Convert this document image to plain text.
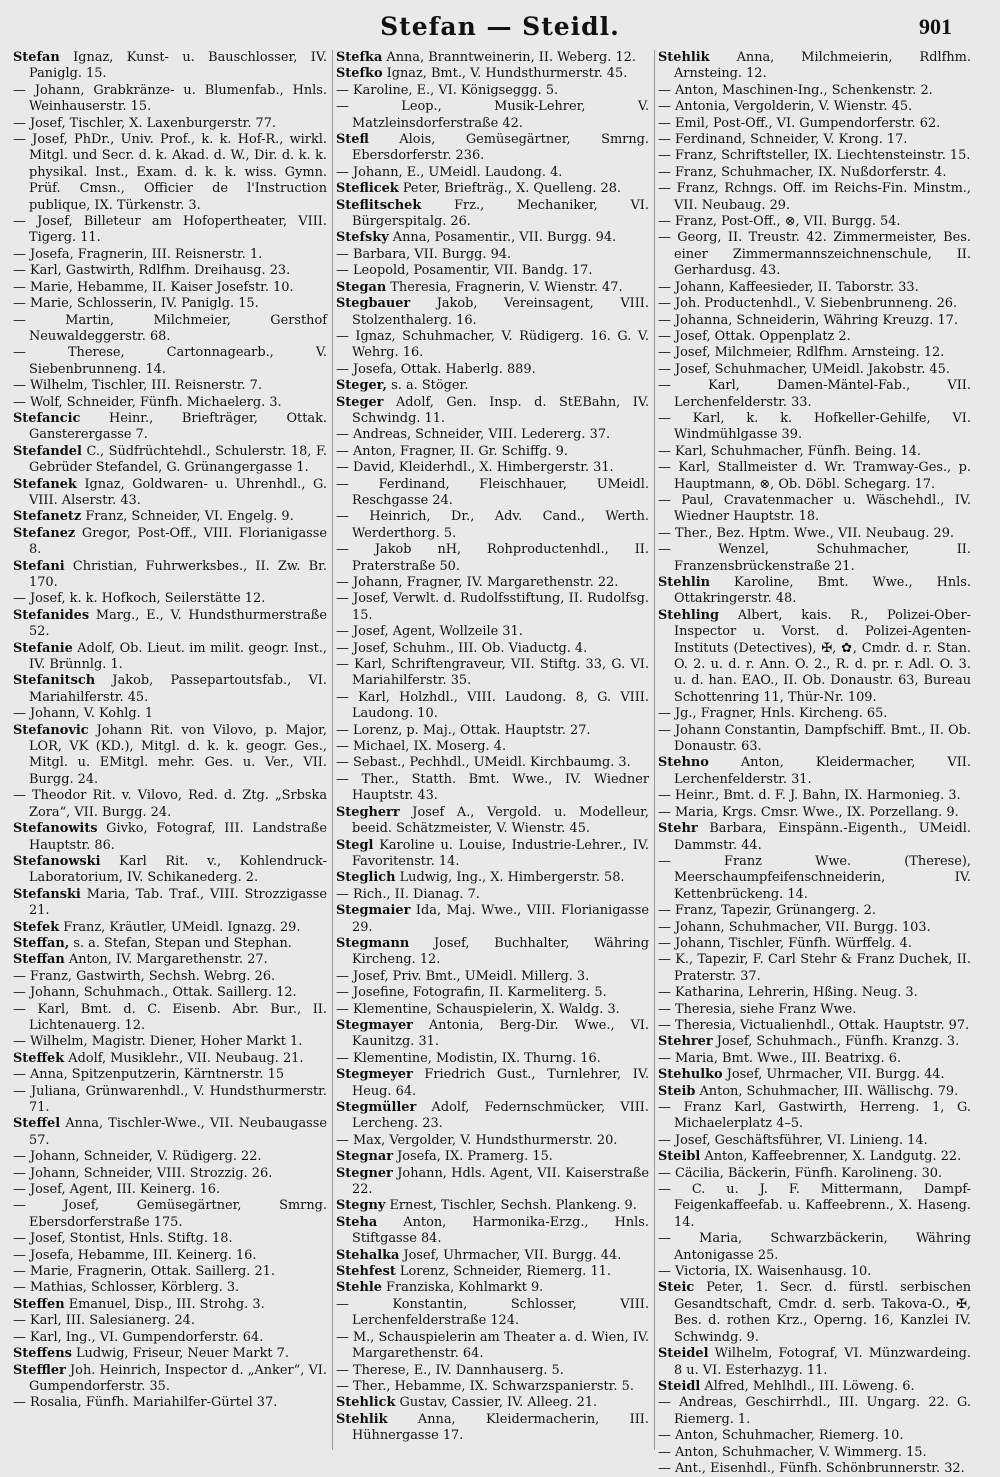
Stefan — Steidl.	901

Stefan Ignaz, Kunst- u. Bauschlosser, IV. Paniglg. 15.

— Johann, Grabkränze- u. Blumenfab., Hnls. Weinhauserstr. 15.

— Josef, Tischler, X. Laxenburgerstr. 77.

— Josef, PhDr., Univ. Prof., k. k. Hof-R., wirkl. Mitgl. und Secr. d. k. Akad. d. W., Dir. d. k. k. physikal. Inst., Exam. d. k. k. wiss. Gymn. Prüf. Cmsn., Officier de l'Instruction publique, IX. Türkenstr. 3.

— Josef, Billeteur am Hofopertheater, VIII. Tigerg. 11.

— Josefa, Fragnerin, III. Reisnerstr. 1.

— Karl, Gastwirth, Rdlfhm. Dreihausg. 23.

— Marie, Hebamme, II. Kaiser Josefstr. 10.

— Marie, Schlosserin, IV. Paniglg. 15.

— Martin, Milchmeier, Gersthof Neuwaldeggerstr. 68.

— Therese, Cartonnagearb., V. Siebenbrunneng. 14.

— Wilhelm, Tischler, III. Reisnerstr. 7.

— Wolf, Schneider, Fünfh. Michaelerg. 3.

Stefancic Heinr., Briefträger, Ottak. Gansterergasse 7.

Stefandel C., Südfrüchtehdl., Schulerstr. 18, F. Gebrüder Stefandel, G. Grünangergasse 1.

Stefanek Ignaz, Goldwaren- u. Uhrenhdl., G. VIII. Alserstr. 43.

Stefanetz Franz, Schneider, VI. Engelg. 9.

Stefanez Gregor, Post-Off., VIII. Florianigasse 8.

Stefani Christian, Fuhrwerksbes., II. Zw. Br. 170.

— Josef, k. k. Hofkoch, Seilerstätte 12.

Stefanides Marg., E., V. Hundsthurmerstraße 52.

Stefanie Adolf, Ob. Lieut. im milit. geogr. Inst., IV. Brünnlg. 1.

Stefanitsch Jakob, Passepartoutsfab., VI. Mariahilferstr. 45.

— Johann, V. Kohlg. 1

Stefanovic Johann Rit. von Vilovo, p. Major, LOR, VK (KD.), Mitgl. d. k. k. geogr. Ges., Mitgl. u. EMitgl. mehr. Ges. u. Ver., VII. Burgg. 24.

— Theodor Rit. v. Vilovo, Red. d. Ztg. „Srbska Zora“, VII. Burgg. 24.

Stefanowits Givko, Fotograf, III. Landstraße Hauptstr. 86.

Stefanowski Karl Rit. v., Kohlendruck-Laboratorium, IV. Schikanederg. 2.

Stefanski Maria, Tab. Traf., VIII. Strozzigasse 21.

Stefek Franz, Kräutler, UMeidl. Ignazg. 29.

Steffan, s. a. Stefan, Stepan und Stephan.

Steffan Anton, IV. Margarethenstr. 27.

— Franz, Gastwirth, Sechsh. Webrg. 26.

— Johann, Schuhmach., Ottak. Saillerg. 12.

— Karl, Bmt. d. C. Eisenb. Abr. Bur., II. Lichtenauerg. 12.

— Wilhelm, Magistr. Diener, Hoher Markt 1.

Steffek Adolf, Musiklehr., VII. Neubaug. 21.

— Anna, Spitzenputzerin, Kärntnerstr. 15

— Juliana, Grünwarenhdl., V. Hundsthurmerstr. 71.

Steffel Anna, Tischler-Wwe., VII. Neubaugasse 57.

— Johann, Schneider, V. Rüdigerg. 22.

— Johann, Schneider, VIII. Strozzig. 26.

— Josef, Agent, III. Keinerg. 16.

— Josef, Gemüsegärtner, Smrng. Ebersdorferstraße 175.

— Josef, Stontist, Hnls. Stiftg. 18.

— Josefa, Hebamme, III. Keinerg. 16.

— Marie, Fragnerin, Ottak. Saillerg. 21.

— Mathias, Schlosser, Körblerg. 3.

Steffen Emanuel, Disp., III. Strohg. 3.

— Karl, III. Salesianerg. 24.

— Karl, Ing., VI. Gumpendorferstr. 64.

Steffens Ludwig, Friseur, Neuer Markt 7.

Steffler Joh. Heinrich, Inspector d. „Anker“, VI. Gumpendorferstr. 35.

— Rosalia, Fünfh. Mariahilfer-Gürtel 37.

Stefka Anna, Branntweinerin, II. Weberg. 12.

Stefko Ignaz, Bmt., V. Hundsthurmerstr. 45.

— Karoline, E., VI. Königseggg. 5.

— Leop., Musik-Lehrer, V. Matzleinsdorferstraße 42.

Stefl Alois, Gemüsegärtner, Smrng. Ebersdorferstr. 236.

— Johann, E., UMeidl. Laudong. 4.

Steflicek Peter, Briefträg., X. Quelleng. 28.

Steflitschek Frz., Mechaniker, VI. Bürgerspitalg. 26.

Stefsky Anna, Posamentir., VII. Burgg. 94.

— Barbara, VII. Burgg. 94.

— Leopold, Posamentir, VII. Bandg. 17.

Stegan Theresia, Fragnerin, V. Wienstr. 47.

Stegbauer Jakob, Vereinsagent, VIII. Stolzenthalerg. 16.

— Ignaz, Schuhmacher, V. Rüdigerg. 16. G. V. Wehrg. 16.

— Josefa, Ottak. Haberlg. 889.

Steger, s. a. Stöger.

Steger Adolf, Gen. Insp. d. StEBahn, IV. Schwindg. 11.

— Andreas, Schneider, VIII. Ledererg. 37.

— Anton, Fragner, II. Gr. Schiffg. 9.

— David, Kleiderhdl., X. Himbergerstr. 31.

— Ferdinand, Fleischhauer, UMeidl. Reschgasse 24.

— Heinrich, Dr., Adv. Cand., Werth. Werderthorg. 5.

— Jakob nH, Rohproductenhdl., II. Praterstraße 50.

— Johann, Fragner, IV. Margarethenstr. 22.

— Josef, Verwlt. d. Rudolfsstiftung, II. Rudolfsg. 15.

— Josef, Agent, Wollzeile 31.

— Josef, Schuhm., III. Ob. Viaductg. 4.

— Karl, Schriftengraveur, VII. Stiftg. 33, G. VI. Mariahilferstr. 35.

— Karl, Holzhdl., VIII. Laudong. 8, G. VIII. Laudong. 10.

— Lorenz, p. Maj., Ottak. Hauptstr. 27.

— Michael, IX. Moserg. 4.

— Sebast., Pechhdl., UMeidl. Kirchbaumg. 3.

— Ther., Statth. Bmt. Wwe., IV. Wiedner Hauptstr. 43.

Stegherr Josef A., Vergold. u. Modelleur, beeid. Schätzmeister, V. Wienstr. 45.

Stegl Karoline u. Louise, Industrie-Lehrer., IV. Favoritenstr. 14.

Steglich Ludwig, Ing., X. Himbergerstr. 58.

— Rich., II. Dianag. 7.

Stegmaier Ida, Maj. Wwe., VIII. Florianigasse 29.

Stegmann Josef, Buchhalter, Währing Kircheng. 12.

— Josef, Priv. Bmt., UMeidl. Millerg. 3.

— Josefine, Fotografin, II. Karmeliterg. 5.

— Klementine, Schauspielerin, X. Waldg. 3.

Stegmayer Antonia, Berg-Dir. Wwe., VI. Kaunitzg. 31.

— Klementine, Modistin, IX. Thurng. 16.

Stegmeyer Friedrich Gust., Turnlehrer, IV. Heug. 64.

Stegmüller Adolf, Federnschmücker, VIII. Lercheng. 23.

— Max, Vergolder, V. Hundsthurmerstr. 20.

Stegnar Josefa, IX. Pramerg. 15.

Stegner Johann, Hdls. Agent, VII. Kaiserstraße 22.

Stegny Ernest, Tischler, Sechsh. Plankeng. 9.

Steha Anton, Harmonika-Erzg., Hnls. Stiftgasse 84.

Stehalka Josef, Uhrmacher, VII. Burgg. 44.

Stehfest Lorenz, Schneider, Riemerg. 11.

Stehle Franziska, Kohlmarkt 9.

— Konstantin, Schlosser, VIII. Lerchenfelderstraße 124.

— M., Schauspielerin am Theater a. d. Wien, IV. Margarethenstr. 64.

— Therese, E., IV. Dannhauserg. 5.

— Ther., Hebamme, IX. Schwarzspanierstr. 5.

Stehlick Gustav, Cassier, IV. Alleeg. 21.

Stehlik Anna, Kleidermacherin, III. Hühnergasse 17.

Stehlik Anna, Milchmeierin, Rdlfhm. Arnsteing. 12.

— Anton, Maschinen-Ing., Schenkenstr. 2.

— Antonia, Vergolderin, V. Wienstr. 45.

— Emil, Post-Off., VI. Gumpendorferstr. 62.

— Ferdinand, Schneider, V. Krong. 17.

— Franz, Schriftsteller, IX. Liechtensteinstr. 15.

— Franz, Schuhmacher, IX. Nußdorferstr. 4.

— Franz, Rchngs. Off. im Reichs-Fin. Minstm., VII. Neubaug. 29.

— Franz, Post-Off., ⊗, VII. Burgg. 54.

— Georg, II. Treustr. 42. Zimmermeister, Bes. einer Zimmermannszeichnenschule, II. Gerhardusg. 43.

— Johann, Kaffeesieder, II. Taborstr. 33.

— Joh. Productenhdl., V. Siebenbrunneng. 26.

— Johanna, Schneiderin, Währing Kreuzg. 17.

— Josef, Ottak. Oppenplatz 2.

— Josef, Milchmeier, Rdlfhm. Arnsteing. 12.

— Josef, Schuhmacher, UMeidl. Jakobstr. 45.

— Karl, Damen-Mäntel-Fab., VII. Lerchenfelderstr. 33.

— Karl, k. k. Hofkeller-Gehilfe, VI. Windmühlgasse 39.

— Karl, Schuhmacher, Fünfh. Being. 14.

— Karl, Stallmeister d. Wr. Tramway-Ges., p. Hauptmann, ⊗, Ob. Döbl. Schegarg. 17.

— Paul, Cravatenmacher u. Wäschehdl., IV. Wiedner Hauptstr. 18.

— Ther., Bez. Hptm. Wwe., VII. Neubaug. 29.

— Wenzel, Schuhmacher, II. Franzensbrückenstraße 21.

Stehlin Karoline, Bmt. Wwe., Hnls. Ottakringerstr. 48.

Stehling Albert, kais. R., Polizei-Ober-Inspector u. Vorst. d. Polizei-Agenten-Instituts (Detectives), ✠, ✿, Cmdr. d. r. Stan. O. 2. u. d. r. Ann. O. 2., R. d. pr. r. Adl. O. 3. u. d. han. EAO., II. Ob. Donaustr. 63, Bureau Schottenring 11, Thür-Nr. 109.

— Jg., Fragner, Hnls. Kircheng. 65.

— Johann Constantin, Dampfschiff. Bmt., II. Ob. Donaustr. 63.

Stehno Anton, Kleidermacher, VII. Lerchenfelderstr. 31.

— Heinr., Bmt. d. F. J. Bahn, IX. Harmonieg. 3.

— Maria, Krgs. Cmsr. Wwe., IX. Porzellang. 9.

Stehr Barbara, Einspänn.-Eigenth., UMeidl. Dammstr. 44.

— Franz Wwe. (Therese), Meerschaumpfeifenschneiderin, IV. Kettenbrückeng. 14.

— Franz, Tapezir, Grünangerg. 2.

— Johann, Schuhmacher, VII. Burgg. 103.

— Johann, Tischler, Fünfh. Würffelg. 4.

— K., Tapezir, F. Carl Stehr & Franz Duchek, II. Praterstr. 37.

— Katharina, Lehrerin, Hßing. Neug. 3.

— Theresia, siehe Franz Wwe.

— Theresia, Victualienhdl., Ottak. Hauptstr. 97.

Stehrer Josef, Schuhmach., Fünfh. Kranzg. 3.

— Maria, Bmt. Wwe., III. Beatrixg. 6.

Stehulko Josef, Uhrmacher, VII. Burgg. 44.

Steib Anton, Schuhmacher, III. Wällischg. 79.

— Franz Karl, Gastwirth, Herreng. 1, G. Michaelerplatz 4–5.

— Josef, Geschäftsführer, VI. Linieng. 14.

Steibl Anton, Kaffeebrenner, X. Landgutg. 22.

— Cäcilia, Bäckerin, Fünfh. Karolineng. 30.

— C. u. J. F. Mittermann, Dampf-Feigenkaffeefab. u. Kaffeebrenn., X. Haseng. 14.

— Maria, Schwarzbäckerin, Währing Antonigasse 25.

— Victoria, IX. Waisenhausg. 10.

Steic Peter, 1. Secr. d. fürstl. serbischen Gesandtschaft, Cmdr. d. serb. Takova-O., ✠, Bes. d. rothen Krz., Operng. 16, Kanzlei IV. Schwindg. 9.

Steidel Wilhelm, Fotograf, VI. Münzwardeing. 8 u. VI. Esterhazyg. 11.

Steidl Alfred, Mehlhdl., III. Löweng. 6.

— Andreas, Geschirrhdl., III. Ungarg. 22. G. Riemerg. 1.

— Anton, Schuhmacher, Riemerg. 10.

— Anton, Schuhmacher, V. Wimmerg. 15.

— Ant., Eisenhdl., Fünfh. Schönbrunnerstr. 32.
